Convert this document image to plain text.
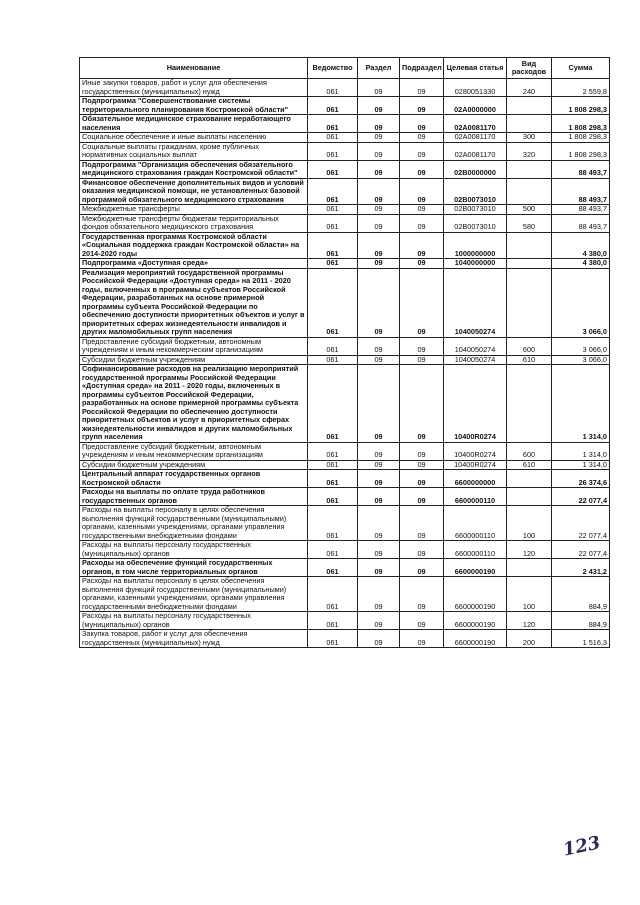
Наименование	Ведомство	Раздел	Подраздел	Целевая статья	Вид расходов	Сумма
Иные закупки товаров, работ и услуг для обеспечения государственных (муниципальных) нужд	061	09	09	0280051330	240	2 559,8
Подпрограмма "Совершенствование системы территориального планирования Костромской области"	061	09	09	02А0000000		1 808 298,3
Обязательное медицинское страхование неработающего населения	061	09	09	02А0081170		1 808 298,3
Социальное обеспечение и иные выплаты населению	061	09	09	02А0081170	300	1 808 298,3
Социальные выплаты гражданам, кроме публичных нормативных социальных выплат	061	09	09	02А0081170	320	1 808 298,3
Подпрограмма "Организация обеспечения обязательного медицинского страхования граждан Костромской области"	061	09	09	02В0000000		88 493,7
Финансовое обеспечение дополнительных видов и условий оказания медицинской помощи, не установленных базовой программой обязательного медицинского страхования	061	09	09	02В0073010		88 493,7
Межбюджетные трансферты	061	09	09	02В0073010	500	88 493,7
Межбюджетные трансферты бюджетам территориальных фондов обязательного медицинского страхования	061	09	09	02В0073010	580	88 493,7
Государственная программа Костромской области «Социальная поддержка граждан Костромской области» на 2014-2020 годы	061	09	09	1000000000		4 380,0
Подпрограмма «Доступная среда»	061	09	09	1040000000		4 380,0
Реализация мероприятий государственной программы Российской Федерации «Доступная среда» на 2011 - 2020 годы, включенных в программы субъектов Российской Федерации, разработанных на основе примерной программы субъекта Российской Федерации по обеспечению доступности приоритетных объектов и услуг в приоритетных сферах жизнедеятельности инвалидов и других маломобильных групп населения	061	09	09	1040050274		3 066,0
Предоставление субсидий бюджетным, автономным учреждениям и иным некоммерческим организациям	061	09	09	1040050274	600	3 066,0
Субсидии бюджетным учреждениям	061	09	09	1040050274	610	3 066,0
Софинансирование расходов на реализацию мероприятий государственной программы Российской Федерации «Доступная среда» на 2011 - 2020 годы, включенных в программы субъектов Российской Федерации, разработанных на основе примерной программы субъекта Российской Федерации по обеспечению доступности приоритетных объектов и услуг в приоритетных сферах жизнедеятельности инвалидов и других маломобильных групп населения	061	09	09	10400R0274		1 314,0
Предоставление субсидий бюджетным, автономным учреждениям и иным некоммерческим организациям	061	09	09	10400R0274	600	1 314,0
Субсидии бюджетным учреждениям	061	09	09	10400R0274	610	1 314,0
Центральный аппарат государственных органов Костромской области	061	09	09	6600000000		26 374,6
Расходы на выплаты по оплате труда работников государственных органов	061	09	09	6600000110		22 077,4
Расходы на выплаты персоналу в целях обеспечения выполнения функций государственными (муниципальными) органами, казенными учреждениями, органами управления государственными внебюджетными фондами	061	09	09	6600000110	100	22 077,4
Расходы на выплаты персоналу государственных (муниципальных) органов	061	09	09	6600000110	120	22 077,4
Расходы на обеспечение функций государственных органов, в том числе территориальных органов	061	09	09	6600000190		2 431,2
Расходы на выплаты персоналу в целях обеспечения выполнения функций государственными (муниципальными) органами, казенными учреждениями, органами управления государственными внебюджетными фондами	061	09	09	6600000190	100	884,9
Расходы на выплаты персоналу государственных (муниципальных) органов	061	09	09	6600000190	120	884,9
Закупка товаров, работ и услуг для обеспечения государственных (муниципальных) нужд	061	09	09	6600000190	200	1 516,3
123
